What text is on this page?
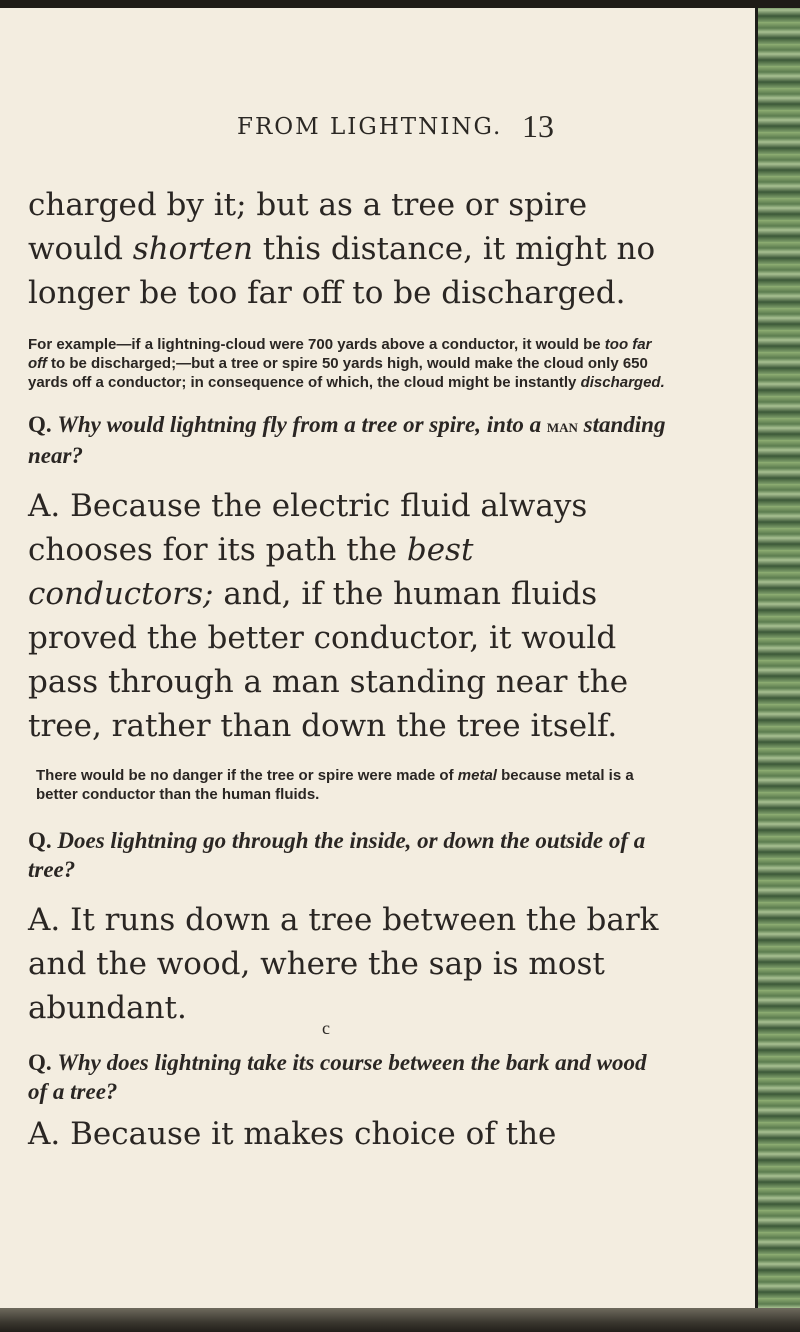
FROM LIGHTNING. 13

charged by it; but as a tree or spire would shorten this distance, it might no longer be too far off to be discharged.

For example—if a lightning-cloud were 700 yards above a conductor, it would be too far off to be discharged;—but a tree or spire 50 yards high, would make the cloud only 650 yards off a conductor; in consequence of which, the cloud might be instantly discharged.

Q. Why would lightning fly from a tree or spire, into a man standing near?

A. Because the electric fluid always chooses for its path the best conductors; and, if the human fluids proved the better conductor, it would pass through a man standing near the tree, rather than down the tree itself.

There would be no danger if the tree or spire were made of metal because metal is a better conductor than the human fluids.

Q. Does lightning go through the inside, or down the outside of a tree?

A. It runs down a tree between the bark and the wood, where the sap is most abundant.

Q. Why does lightning take its course between the bark and wood of a tree?

A. Because it makes choice of the

c
